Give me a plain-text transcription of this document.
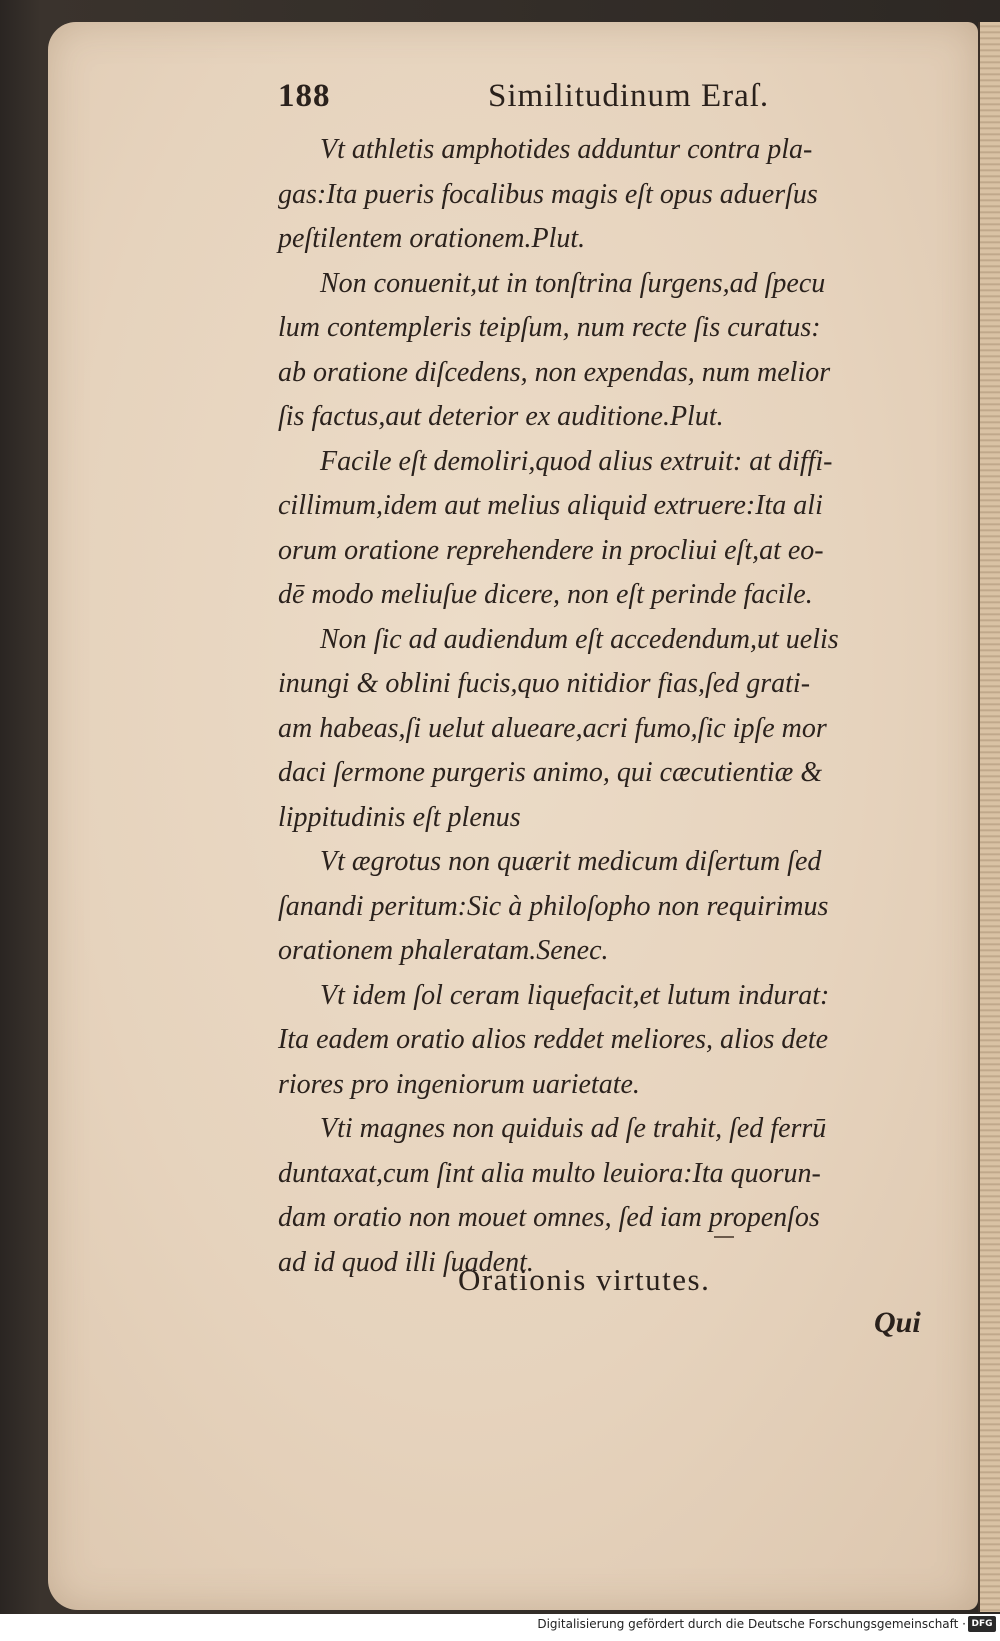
188	Similitudinum Eraſ.
Vt athletis amphotides adduntur contra pla-
gas:Ita pueris focalibus magis eſt opus aduerſus
peſtilentem orationem.Plut.
Non conuenit,ut in tonſtrina ſurgens,ad ſpecu
lum contempleris teipſum, num recte ſis curatus:
ab oratione diſcedens, non expendas, num melior
ſis factus,aut deterior ex auditione.Plut.
Facile eſt demoliri,quod alius extruit: at diffi-
cillimum,idem aut melius aliquid extruere:Ita ali
orum oratione reprehendere in procliui eſt,at eo-
dē modo meliuſue dicere, non eſt perinde facile.
Non ſic ad audiendum eſt accedendum,ut uelis
inungi & oblini fucis,quo nitidior fias,ſed grati-
am habeas,ſi uelut alueare,acri fumo,ſic ipſe mor
daci ſermone purgeris animo, qui cæcutientiæ &
lippitudinis eſt plenus
Vt ægrotus non quærit medicum diſertum ſed
ſanandi peritum:Sic à philoſopho non requirimus
orationem phaleratam.Senec.
Vt idem ſol ceram liquefacit,et lutum indurat:
Ita eadem oratio alios reddet meliores, alios dete
riores pro ingeniorum uarietate.
Vti magnes non quiduis ad ſe trahit, ſed ferrū
duntaxat,cum ſint alia multo leuiora:Ita quorun-
dam oratio non mouet omnes, ſed iam propenſos
ad id quod illi ſuadent.
Orationis virtutes.
Qui
Digitalisierung gefördert durch die Deutsche Forschungsgemeinschaft · DFG
